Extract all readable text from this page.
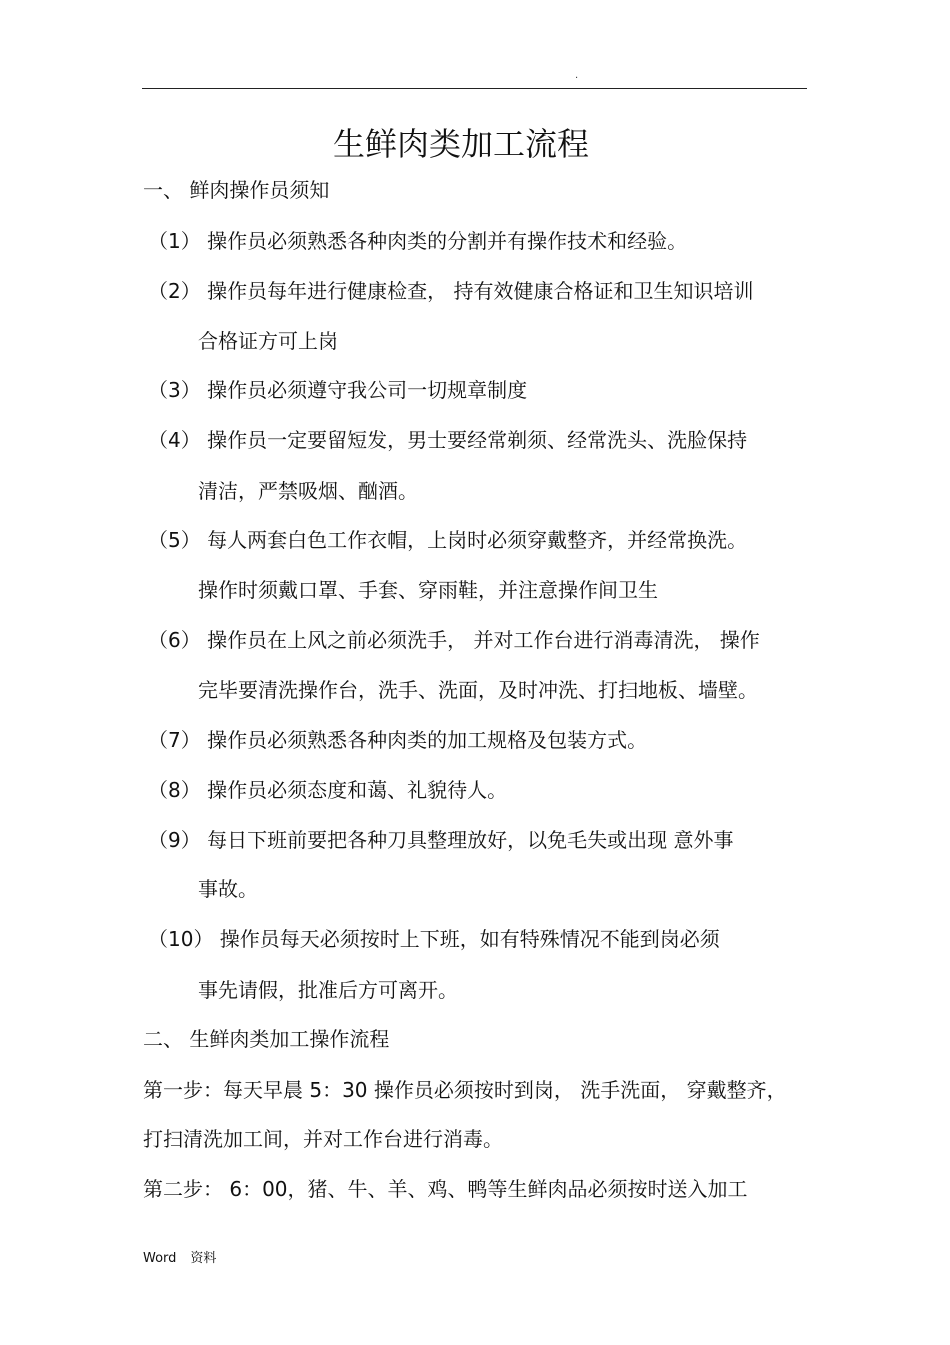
.
生鲜肉类加工流程
一、 鲜肉操作员须知
（1） 操作员必须熟悉各种肉类的分割并有操作技术和经验。
（2） 操作员每年进行健康检查， 持有效健康合格证和卫生知识培训
合格证方可上岗
（3） 操作员必须遵守我公司一切规章制度
（4） 操作员一定要留短发，男士要经常剃须、经常洗头、洗脸保持
清洁，严禁吸烟、酗酒。
（5） 每人两套白色工作衣帽，上岗时必须穿戴整齐，并经常换洗。
操作时须戴口罩、手套、穿雨鞋，并注意操作间卫生
（6） 操作员在上风之前必须洗手， 并对工作台进行消毒清洗， 操作
完毕要清洗操作台，洗手、洗面，及时冲洗、打扫地板、墙壁。
（7） 操作员必须熟悉各种肉类的加工规格及包装方式。
（8） 操作员必须态度和蔼、礼貌待人。
（9） 每日下班前要把各种刀具整理放好，以免毛失或出现 意外事
事故。
（10） 操作员每天必须按时上下班，如有特殊情况不能到岗必须
事先请假，批准后方可离开。
二、 生鲜肉类加工操作流程
第一步：每天早晨 5：30 操作员必须按时到岗， 洗手洗面， 穿戴整齐，
打扫清洗加工间，并对工作台进行消毒。
第二步： 6：00，猪、牛、羊、鸡、鸭等生鲜肉品必须按时送入加工
Word 资料
